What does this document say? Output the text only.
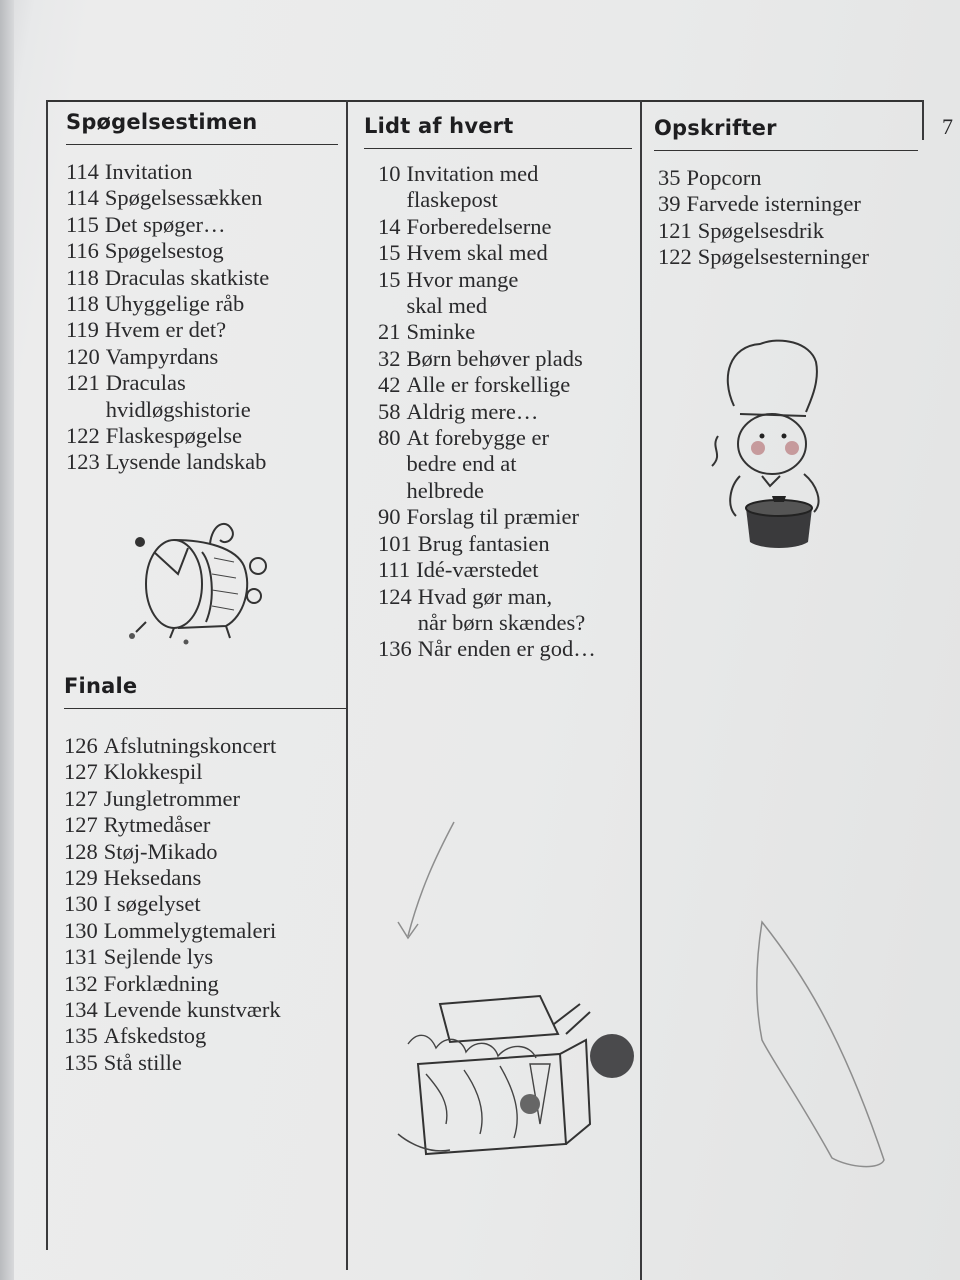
7
Spøgelsestimen
114 Invitation
114 Spøgelsessækken
115 Det spøger…
116 Spøgelsestog
118 Draculas skatkiste
118 Uhyggelige råb
119 Hvem er det?
120 Vampyrdans
121 Draculas
hvidløgshistorie
122 Flaskespøgelse
123 Lysende landskab
Finale
126 Afslutningskoncert
127 Klokkespil
127 Jungletrommer
127 Rytmedåser
128 Støj-Mikado
129 Heksedans
130 I søgelyset
130 Lommelygtemaleri
131 Sejlende lys
132 Forklædning
134 Levende kunstværk
135 Afskedstog
135 Stå stille
Lidt af hvert
10 Invitation med
flaskepost
14 Forberedelserne
15 Hvem skal med
15 Hvor mange
skal med
21 Sminke
32 Børn behøver plads
42 Alle er forskellige
58 Aldrig mere…
80 At forebygge er
bedre end at
helbrede
90 Forslag til præmier
101 Brug fantasien
111 Idé-værstedet
124 Hvad gør man,
når børn skændes?
136 Når enden er god…
Opskrifter
35 Popcorn
39 Farvede isterninger
121 Spøgelsesdrik
122 Spøgelsesterninger
